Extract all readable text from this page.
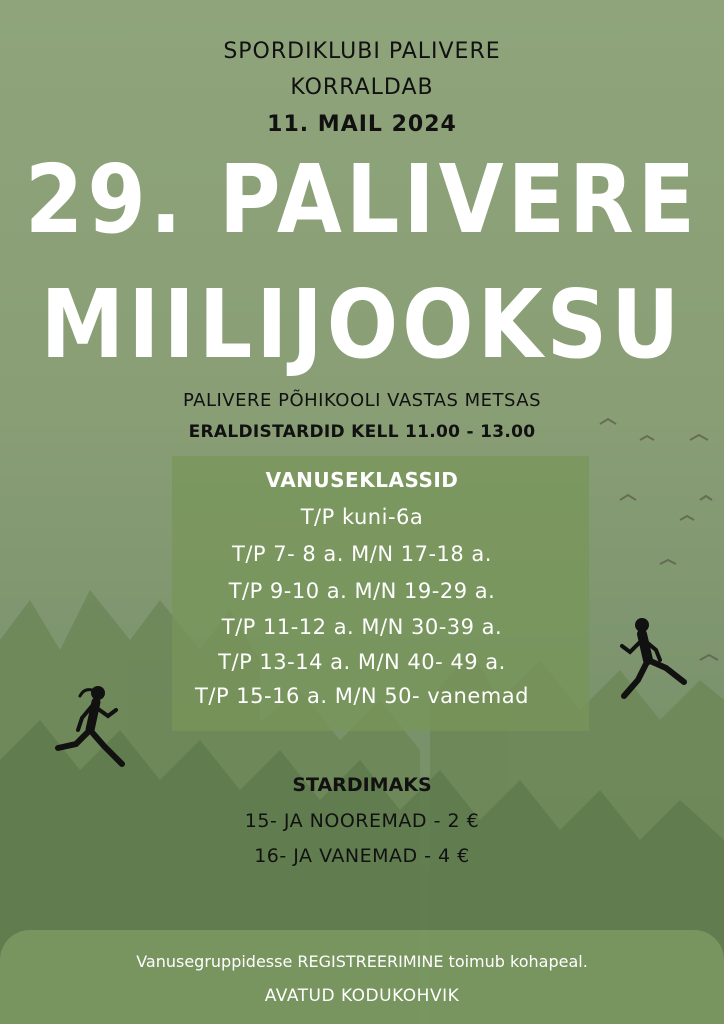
SPORDIKLUBI PALIVERE
KORRALDAB
11. MAIL 2024
29. PALIVERE
MIILIJOOKSU
PALIVERE PÕHIKOOLI VASTAS METSAS
ERALDISTARDID KELL 11.00 - 13.00
VANUSEKLASSID
T/P kuni-6a
T/P 7- 8 a. M/N 17-18 a.
T/P 9-10 a. M/N 19-29 a.
T/P 11-12 a. M/N 30-39 a.
T/P 13-14 a. M/N 40- 49 a.
T/P 15-16 a. M/N 50- vanemad
STARDIMAKS
15- JA NOOREMAD - 2 €
16- JA VANEMAD - 4 €
Vanusegruppidesse REGISTREERIMINE toimub kohapeal.
AVATUD KODUKOHVIK
